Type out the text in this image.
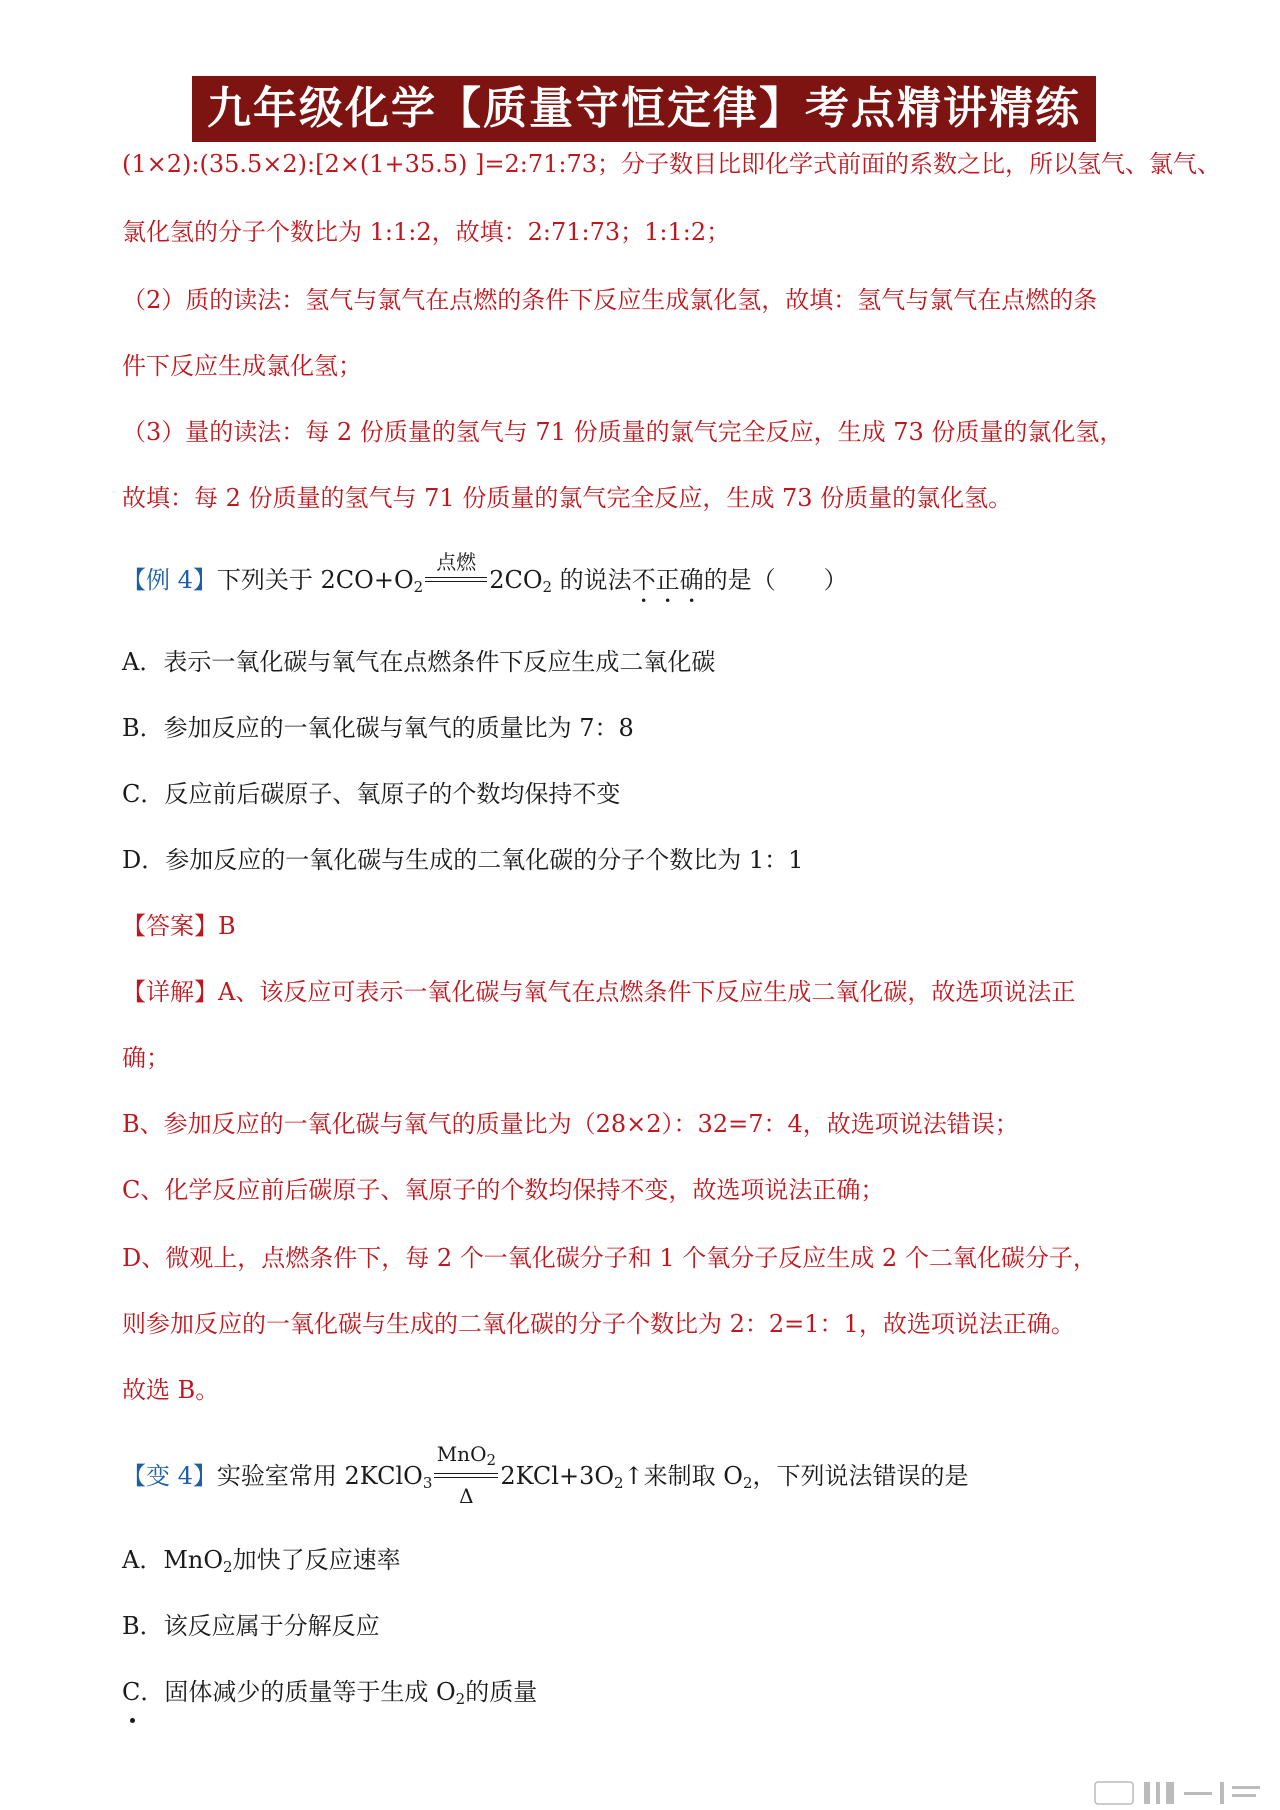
九年级化学【质量守恒定律】考点精讲精练
(1×2):(35.5×2):[2×(1+35.5) ]=2:71:73；分子数目比即化学式前面的系数之比，所以氢气、氯气、
氯化氢的分子个数比为 1:1:2，故填：2:71:73；1:1:2；
（2）质的读法：氢气与氯气在点燃的条件下反应生成氯化氢，故填：氢气与氯气在点燃的条
件下反应生成氯化氢；
（3）量的读法：每 2 份质量的氢气与 71 份质量的氯气完全反应，生成 73 份质量的氯化氢，
故填：每 2 份质量的氢气与 71 份质量的氯气完全反应，生成 73 份质量的氯化氢。
【例 4】下列关于 $2CO+O_2$
点燃
$2CO_2$ 的说法不正确的是（　　）
A．表示一氧化碳与氧气在点燃条件下反应生成二氧化碳
B．参加反应的一氧化碳与氧气的质量比为 7：8
C．反应前后碳原子、氧原子的个数均保持不变
D．参加反应的一氧化碳与生成的二氧化碳的分子个数比为 1：1
【答案】B
【详解】A、该反应可表示一氧化碳与氧气在点燃条件下反应生成二氧化碳，故选项说法正
确；
B、参加反应的一氧化碳与氧气的质量比为（28×2）：32=7：4，故选项说法错误；
C、化学反应前后碳原子、氧原子的个数均保持不变，故选项说法正确；
D、微观上，点燃条件下，每 2 个一氧化碳分子和 1 个氧分子反应生成 2 个二氧化碳分子，
则参加反应的一氧化碳与生成的二氧化碳的分子个数比为 2：2=1：1，故选项说法正确。
故选 B。
【变 4】实验室常用 2KClO$_3$
MnO$_2$
Δ
$2KCl+3O_2↑$来制取 $O_2$，下列说法错误的是
A．MnO$_2$加快了反应速率
B．该反应属于分解反应
C．固体减少的质量等于生成 $O_2$的质量
